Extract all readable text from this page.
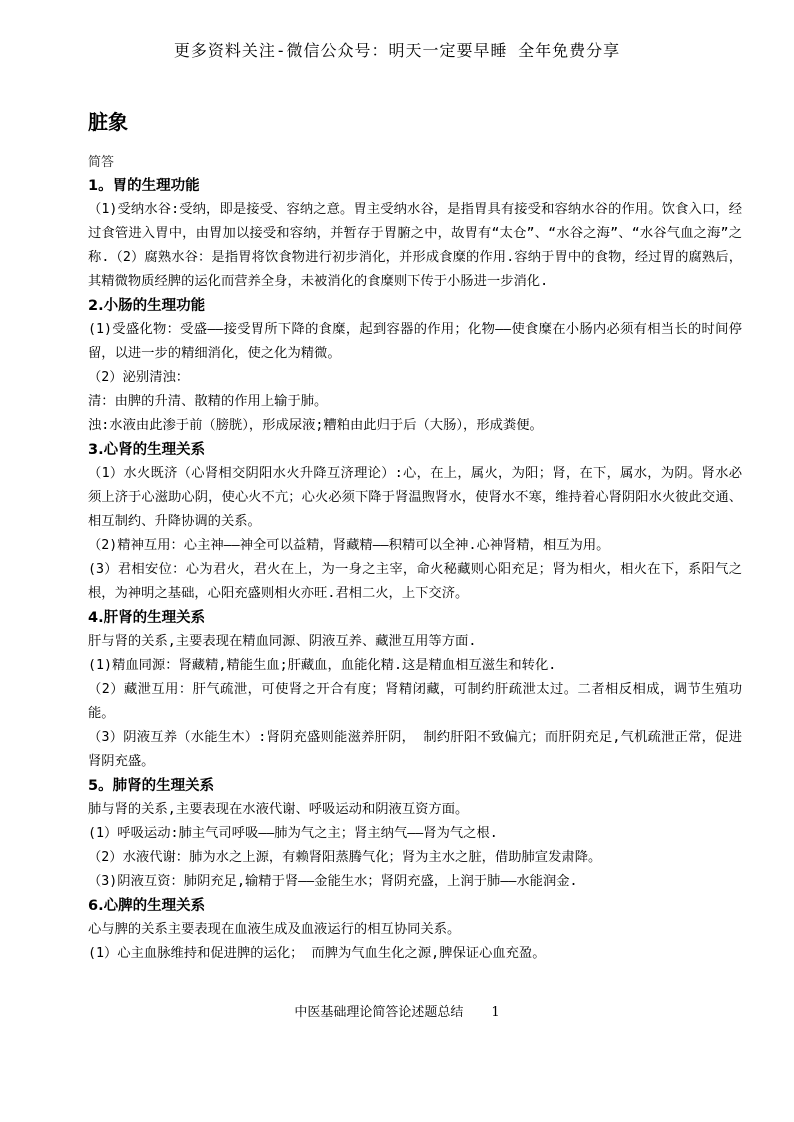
更多资料关注-微信公众号：明天一定要早睡 全年免费分享
脏象
简答
1。胃的生理功能
（1)受纳水谷:受纳，即是接受、容纳之意。胃主受纳水谷，是指胃具有接受和容纳水谷的作用。饮食入口，经过食管进入胃中，由胃加以接受和容纳，并暂存于胃腑之中，故胃有“太仓”、“水谷之海”、“水谷气血之海”之称.（2）腐熟水谷：是指胃将饮食物进行初步消化，并形成食糜的作用.容纳于胃中的食物，经过胃的腐熟后，其精微物质经脾的运化而营养全身，未被消化的食糜则下传于小肠进一步消化.
2.小肠的生理功能
(1)受盛化物：受盛——接受胃所下降的食糜，起到容器的作用；化物——使食糜在小肠内必须有相当长的时间停留，以进一步的精细消化，使之化为精微。
（2）泌别清浊：
清：由脾的升清、散精的作用上输于肺。
浊:水液由此渗于前（膀胱），形成尿液;糟粕由此归于后（大肠），形成粪便。
3.心肾的生理关系
（1）水火既济（心肾相交阴阳水火升降互济理论）:心，在上，属火，为阳；肾，在下，属水，为阴。肾水必须上济于心滋助心阴，使心火不亢；心火必须下降于肾温煦肾水，使肾水不寒，维持着心肾阴阳水火彼此交通、相互制约、升降协调的关系。
（2)精神互用：心主神——神全可以益精，肾藏精——积精可以全神.心神肾精，相互为用。
(3）君相安位：心为君火，君火在上，为一身之主宰，命火秘藏则心阳充足；肾为相火，相火在下，系阳气之根，为神明之基础，心阳充盛则相火亦旺.君相二火，上下交济。
4.肝肾的生理关系
肝与肾的关系,主要表现在精血同源、阴液互养、藏泄互用等方面.
(1)精血同源：肾藏精,精能生血;肝藏血，血能化精.这是精血相互滋生和转化.
（2）藏泄互用：肝气疏泄，可使肾之开合有度；肾精闭藏，可制约肝疏泄太过。二者相反相成，调节生殖功能。
（3）阴液互养（水能生木）:肾阴充盛则能滋养肝阴， 制约肝阳不致偏亢；而肝阴充足,气机疏泄正常，促进肾阴充盛。
5。肺肾的生理关系
肺与肾的关系,主要表现在水液代谢、呼吸运动和阴液互资方面。
(1）呼吸运动:肺主气司呼吸——肺为气之主；肾主纳气——肾为气之根.
（2）水液代谢：肺为水之上源，有赖肾阳蒸腾气化；肾为主水之脏，借助肺宣发肃降。
（3)阴液互资：肺阴充足,输精于肾——金能生水；肾阴充盛，上润于肺——水能润金.
6.心脾的生理关系
心与脾的关系主要表现在血液生成及血液运行的相互协同关系。
(1）心主血脉维持和促进脾的运化； 而脾为气血生化之源,脾保证心血充盈。
中医基础理论简答论述题总结 1
